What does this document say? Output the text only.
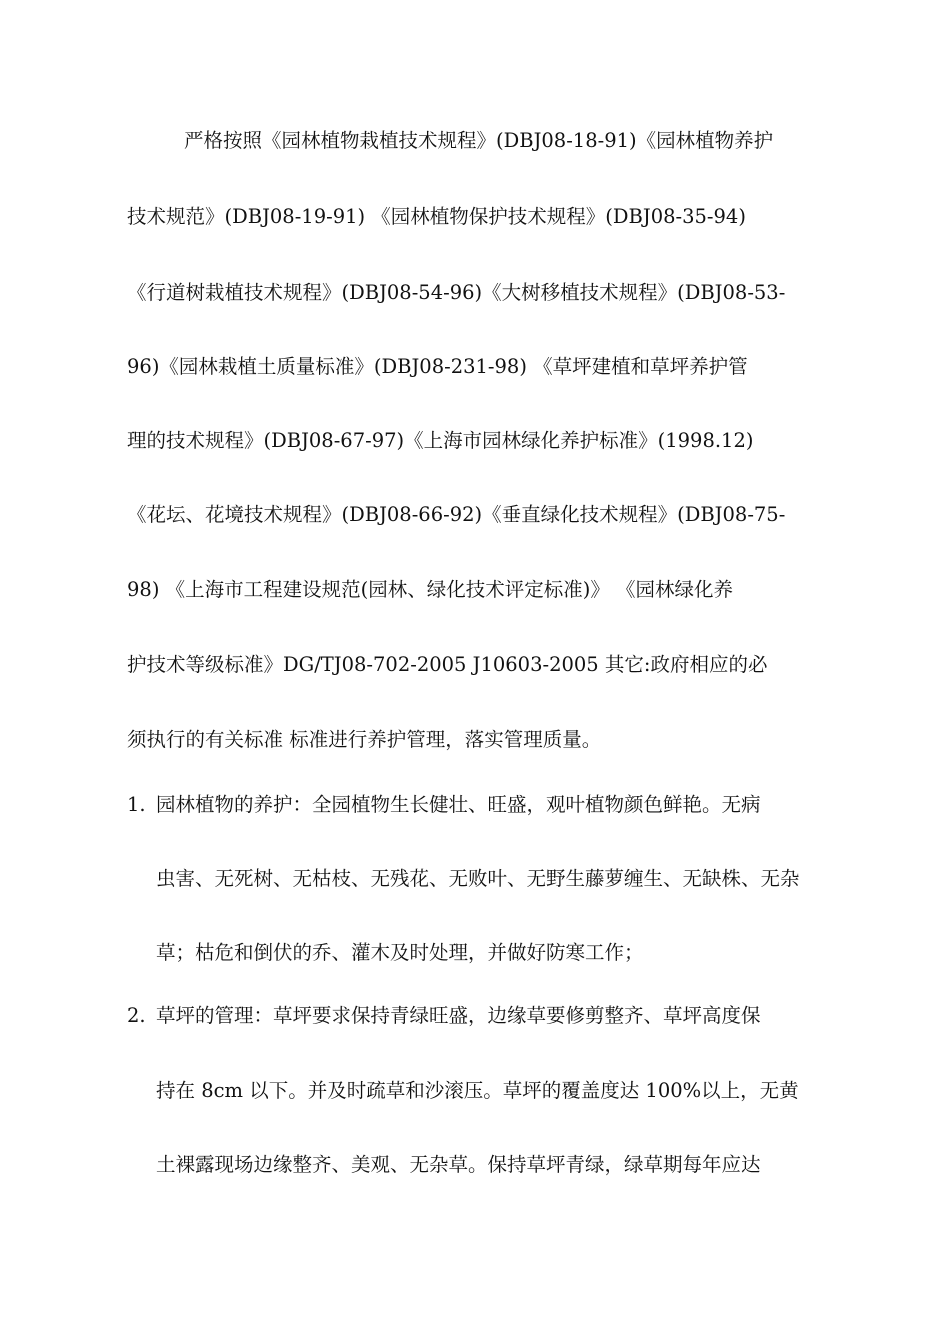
严格按照《园林植物栽植技术规程》(DBJ08-18-91)《园林植物养护
技术规范》(DBJ08-19-91) 《园林植物保护技术规程》(DBJ08-35-94)
《行道树栽植技术规程》(DBJ08-54-96)《大树移植技术规程》(DBJ08-53-
96)《园林栽植土质量标准》(DBJ08-231-98) 《草坪建植和草坪养护管
理的技术规程》(DBJ08-67-97)《上海市园林绿化养护标准》(1998.12)
《花坛、花境技术规程》(DBJ08-66-92)《垂直绿化技术规程》(DBJ08-75-
98) 《上海市工程建设规范(园林、绿化技术评定标准)》 《园林绿化养
护技术等级标准》DG/TJ08-702-2005 J10603-2005 其它:政府相应的必
须执行的有关标准 标准进行养护管理，落实管理质量。
1. 园林植物的养护：全园植物生长健壮、旺盛，观叶植物颜色鲜艳。无病
虫害、无死树、无枯枝、无残花、无败叶、无野生藤萝缠生、无缺株、无杂
草；枯危和倒伏的乔、灌木及时处理，并做好防寒工作；
2. 草坪的管理：草坪要求保持青绿旺盛，边缘草要修剪整齐、草坪高度保
持在 8cm 以下。并及时疏草和沙滚压。草坪的覆盖度达 100%以上，无黄
土裸露现场边缘整齐、美观、无杂草。保持草坪青绿，绿草期每年应达
